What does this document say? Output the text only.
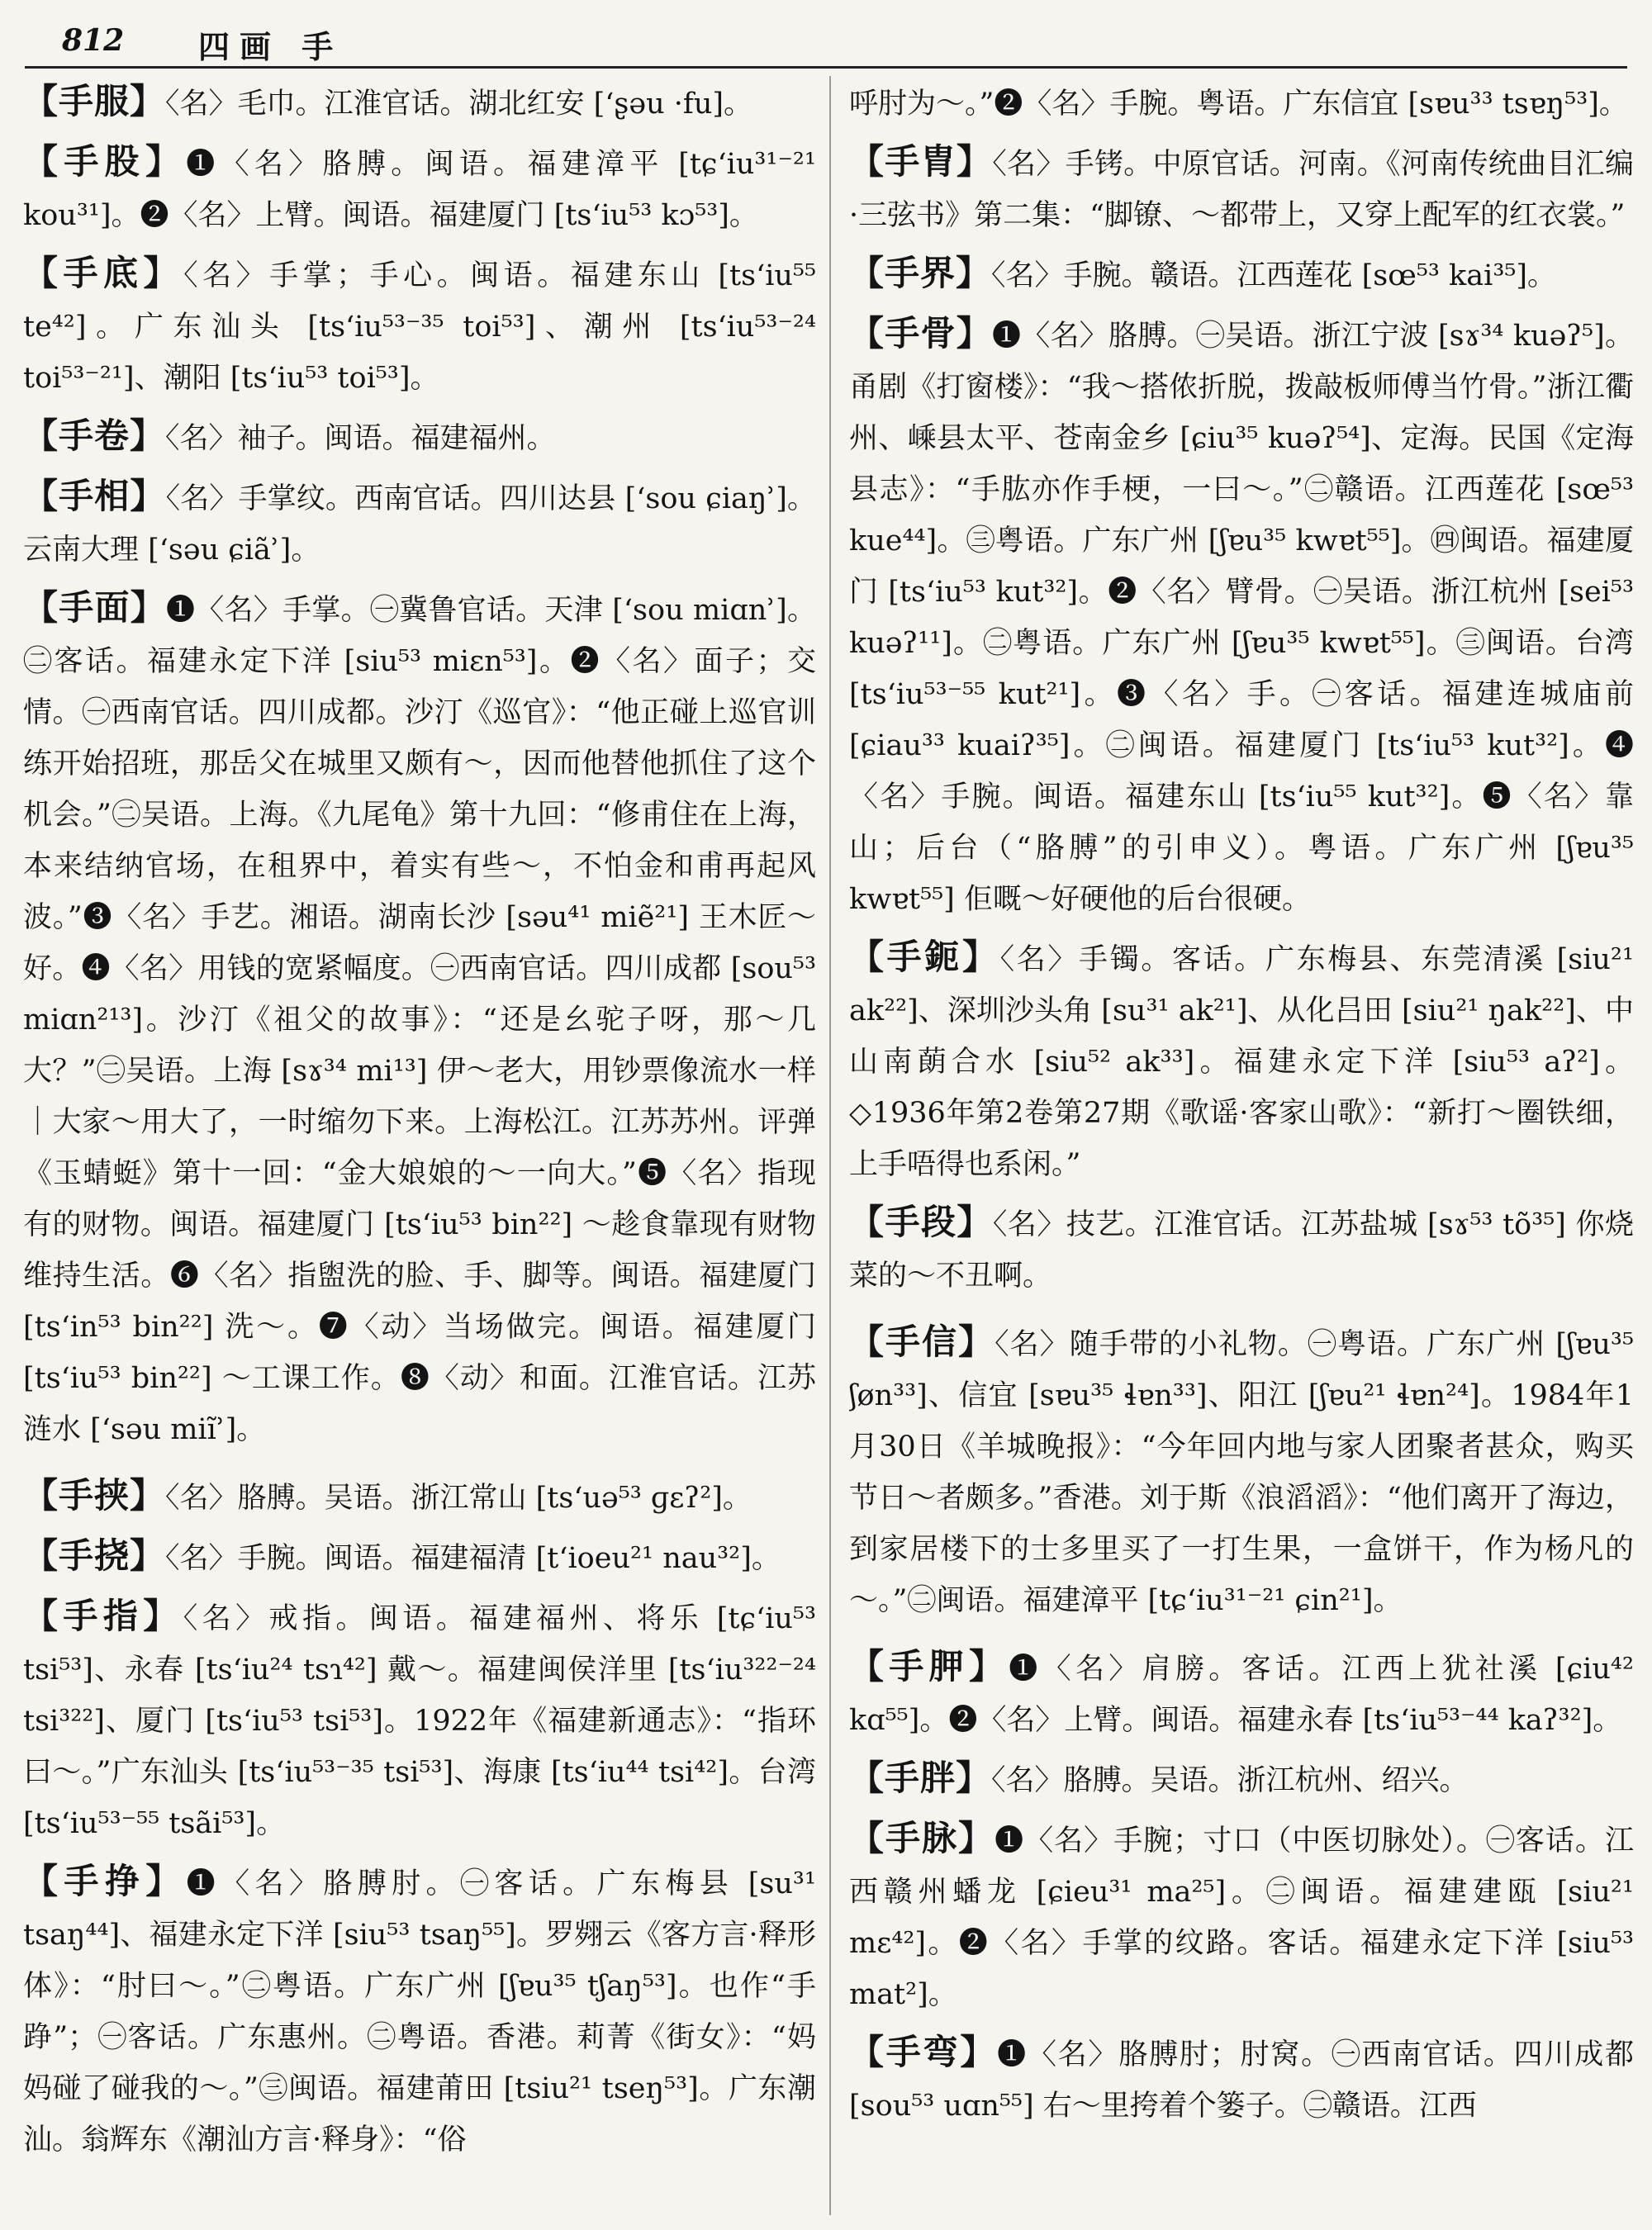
812 四画 手

【手服】〈名〉毛巾。江淮官话。湖北红安 [ʻʂəu ·fu]。

【手股】❶〈名〉胳膊。闽语。福建漳平 [tɕʻiu³¹⁻²¹ kou³¹]。❷〈名〉上臂。闽语。福建厦门 [tsʻiu⁵³ kɔ⁵³]。

【手底】〈名〉手掌；手心。闽语。福建东山 [tsʻiu⁵⁵ te⁴²]。广东汕头 [tsʻiu⁵³⁻³⁵ toi⁵³]、潮州 [tsʻiu⁵³⁻²⁴ toi⁵³⁻²¹]、潮阳 [tsʻiu⁵³ toi⁵³]。

【手卷】〈名〉袖子。闽语。福建福州。

【手相】〈名〉手掌纹。西南官话。四川达县 [ʻsou ɕiaŋʾ]。云南大理 [ʻsəu ɕiãʾ]。

【手面】❶〈名〉手掌。㊀冀鲁官话。天津 [ʻsou miɑnʾ]。㊁客话。福建永定下洋 [siu⁵³ miɛn⁵³]。❷〈名〉面子；交情。㊀西南官话。四川成都。沙汀《巡官》：“他正碰上巡官训练开始招班，那岳父在城里又颇有～，因而他替他抓住了这个机会。”㊁吴语。上海。《九尾龟》第十九回：“修甫住在上海，本来结纳官场，在租界中，着实有些～，不怕金和甫再起风波。”❸〈名〉手艺。湘语。湖南长沙 [səu⁴¹ miẽ²¹] 王木匠～好。❹〈名〉用钱的宽紧幅度。㊀西南官话。四川成都 [sou⁵³ miɑn²¹³]。沙汀《祖父的故事》：“还是幺驼子呀，那～几大？”㊁吴语。上海 [sɤ³⁴ mi¹³] 伊～老大，用钞票像流水一样｜大家～用大了，一时缩勿下来。上海松江。江苏苏州。评弹《玉蜻蜓》第十一回：“金大娘娘的～一向大。”❺〈名〉指现有的财物。闽语。福建厦门 [tsʻiu⁵³ bin²²] ～趁食靠现有财物维持生活。❻〈名〉指盥洗的脸、手、脚等。闽语。福建厦门 [tsʻin⁵³ bin²²] 洗～。❼〈动〉当场做完。闽语。福建厦门 [tsʻiu⁵³ bin²²] ～工课工作。❽〈动〉和面。江淮官话。江苏涟水 [ʻsəu miĩʾ]。

【手挟】〈名〉胳膊。吴语。浙江常山 [tsʻuə⁵³ ɡɛʔ²]。

【手挠】〈名〉手腕。闽语。福建福清 [tʻioeu²¹ nau³²]。

【手指】〈名〉戒指。闽语。福建福州、将乐 [tɕʻiu⁵³ tsi⁵³]、永春 [tsʻiu²⁴ tsɿ⁴²] 戴～。福建闽侯洋里 [tsʻiu³²²⁻²⁴ tsi³²²]、厦门 [tsʻiu⁵³ tsi⁵³]。1922年《福建新通志》：“指环曰～。”广东汕头 [tsʻiu⁵³⁻³⁵ tsi⁵³]、海康 [tsʻiu⁴⁴ tsi⁴²]。台湾 [tsʻiu⁵³⁻⁵⁵ tsãi⁵³]。

【手挣】❶〈名〉胳膊肘。㊀客话。广东梅县 [su³¹ tsaŋ⁴⁴]、福建永定下洋 [siu⁵³ tsaŋ⁵⁵]。罗翙云《客方言·释形体》：“肘曰～。”㊁粤语。广东广州 [ʃɐu³⁵ tʃaŋ⁵³]。也作“手踭”；㊀客话。广东惠州。㊁粤语。香港。莉菁《街女》：“妈妈碰了碰我的～。”㊂闽语。福建莆田 [tsiu²¹ tseŋ⁵³]。广东潮汕。翁辉东《潮汕方言·释身》：“俗

呼肘为～。”❷〈名〉手腕。粤语。广东信宜 [sɐu³³ tsɐŋ⁵³]。

【手胄】〈名〉手铐。中原官话。河南。《河南传统曲目汇编·三弦书》第二集：“脚镣、～都带上，又穿上配军的红衣裳。”

【手界】〈名〉手腕。赣语。江西莲花 [sœ⁵³ kai³⁵]。

【手骨】❶〈名〉胳膊。㊀吴语。浙江宁波 [sɤ³⁴ kuəʔ⁵]。甬剧《打窗楼》：“我～搭侬折脱，拨敲板师傅当竹骨。”浙江衢州、嵊县太平、苍南金乡 [ɕiu³⁵ kuəʔ⁵⁴]、定海。民国《定海县志》：“手肱亦作手梗，一曰～。”㊁赣语。江西莲花 [sœ⁵³ kue⁴⁴]。㊂粤语。广东广州 [ʃɐu³⁵ kwɐt⁵⁵]。㊃闽语。福建厦门 [tsʻiu⁵³ kut³²]。❷〈名〉臂骨。㊀吴语。浙江杭州 [sei⁵³ kuəʔ¹¹]。㊁粤语。广东广州 [ʃɐu³⁵ kwɐt⁵⁵]。㊂闽语。台湾 [tsʻiu⁵³⁻⁵⁵ kut²¹]。❸〈名〉手。㊀客话。福建连城庙前 [ɕiau³³ kuaiʔ³⁵]。㊁闽语。福建厦门 [tsʻiu⁵³ kut³²]。❹〈名〉手腕。闽语。福建东山 [tsʻiu⁵⁵ kut³²]。❺〈名〉靠山；后台（“胳膊”的引申义）。粤语。广东广州 [ʃɐu³⁵ kwɐt⁵⁵] 佢嘅～好硬他的后台很硬。

【手鈪】〈名〉手镯。客话。广东梅县、东莞清溪 [siu²¹ ak²²]、深圳沙头角 [su³¹ ak²¹]、从化吕田 [siu²¹ ŋak²²]、中山南蓢合水 [siu⁵² ak³³]。福建永定下洋 [siu⁵³ aʔ²]。◇1936年第2卷第27期《歌谣·客家山歌》：“新打～圈铁细，上手唔得也系闲。”

【手段】〈名〉技艺。江淮官话。江苏盐城 [sɤ⁵³ tõ³⁵] 你烧菜的～不丑啊。

【手信】〈名〉随手带的小礼物。㊀粤语。广东广州 [ʃɐu³⁵ ʃøn³³]、信宜 [sɐu³⁵ ɬɐn³³]、阳江 [ʃɐu²¹ ɬɐn²⁴]。1984年1月30日《羊城晚报》：“今年回内地与家人团聚者甚众，购买节日～者颇多。”香港。刘于斯《浪滔滔》：“他们离开了海边，到家居楼下的士多里买了一打生果，一盒饼干，作为杨凡的～。”㊁闽语。福建漳平 [tɕʻiu³¹⁻²¹ ɕin²¹]。

【手胛】❶〈名〉肩膀。客话。江西上犹社溪 [ɕiu⁴² kɑ⁵⁵]。❷〈名〉上臂。闽语。福建永春 [tsʻiu⁵³⁻⁴⁴ kaʔ³²]。

【手胖】〈名〉胳膊。吴语。浙江杭州、绍兴。

【手脉】❶〈名〉手腕；寸口（中医切脉处）。㊀客话。江西赣州蟠龙 [ɕieu³¹ ma²⁵]。㊁闽语。福建建瓯 [siu²¹ mɛ⁴²]。❷〈名〉手掌的纹路。客话。福建永定下洋 [siu⁵³ mat²]。

【手弯】❶〈名〉胳膊肘；肘窝。㊀西南官话。四川成都 [sou⁵³ uɑn⁵⁵] 右～里挎着个篓子。㊁赣语。江西
